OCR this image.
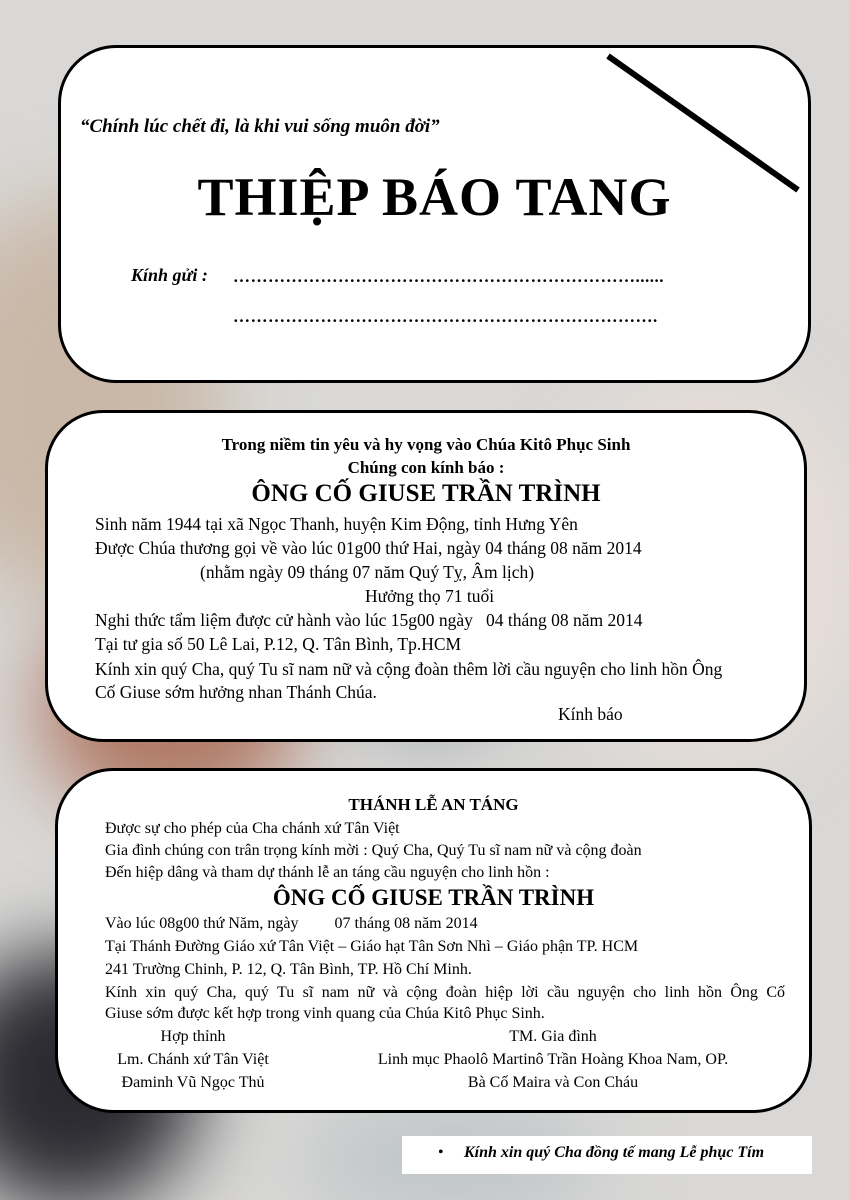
“Chính lúc chết đi, là khi vui sống muôn đời”
THIỆP BÁO TANG
Kính gửi : ……………………………………………………………......
……………………………………………………………….
Trong niềm tin yêu và hy vọng vào Chúa Kitô Phục Sinh
Chúng con kính báo :
ÔNG CỐ GIUSE TRẦN TRÌNH
Sinh năm 1944 tại xã Ngọc Thanh, huyện Kim Động, tỉnh Hưng Yên
Được Chúa thương gọi về vào lúc 01g00 thứ Hai, ngày 04 tháng 08 năm 2014
(nhằm ngày 09 tháng 07 năm Quý Tỵ, Âm lịch)
Hưởng thọ 71 tuổi
Nghi thức tẩm liệm được cử hành vào lúc 15g00 ngày   04 tháng 08 năm 2014
Tại tư gia số 50 Lê Lai, P.12, Q. Tân Bình, Tp.HCM
Kính xin quý Cha, quý Tu sĩ nam nữ và cộng đoàn thêm lời cầu nguyện cho linh hồn Ông
Cố Giuse sớm hưởng nhan Thánh Chúa.
Kính báo
THÁNH LỄ AN TÁNG
Được sự cho phép của Cha chánh xứ Tân Việt
Gia đình chúng con trân trọng kính mời : Quý Cha, Quý Tu sĩ nam nữ và cộng đoàn
Đến hiệp dâng và tham dự thánh lễ an táng cầu nguyện cho linh hồn :
ÔNG CỐ GIUSE TRẦN TRÌNH
Vào lúc 08g00 thứ Năm, ngày         07 tháng 08 năm 2014
Tại Thánh Đường Giáo xứ Tân Việt – Giáo hạt Tân Sơn Nhì – Giáo phận TP. HCM
241 Trường Chinh, P. 12, Q. Tân Bình, TP. Hồ Chí Minh.
Kính xin quý Cha, quý Tu sĩ nam nữ và cộng đoàn hiệp lời cầu nguyện cho linh hồn Ông Cố
Giuse sớm được kết hợp trong vinh quang của Chúa Kitô Phục Sinh.
Hợp thỉnh
Lm. Chánh xứ Tân Việt
Đaminh Vũ Ngọc Thủ
TM. Gia đình
Linh mục Phaolô Martinô Trần Hoàng Khoa Nam, OP.
Bà Cố Maira và Con Cháu
• Kính xin quý Cha đồng tế mang Lễ phục Tím
